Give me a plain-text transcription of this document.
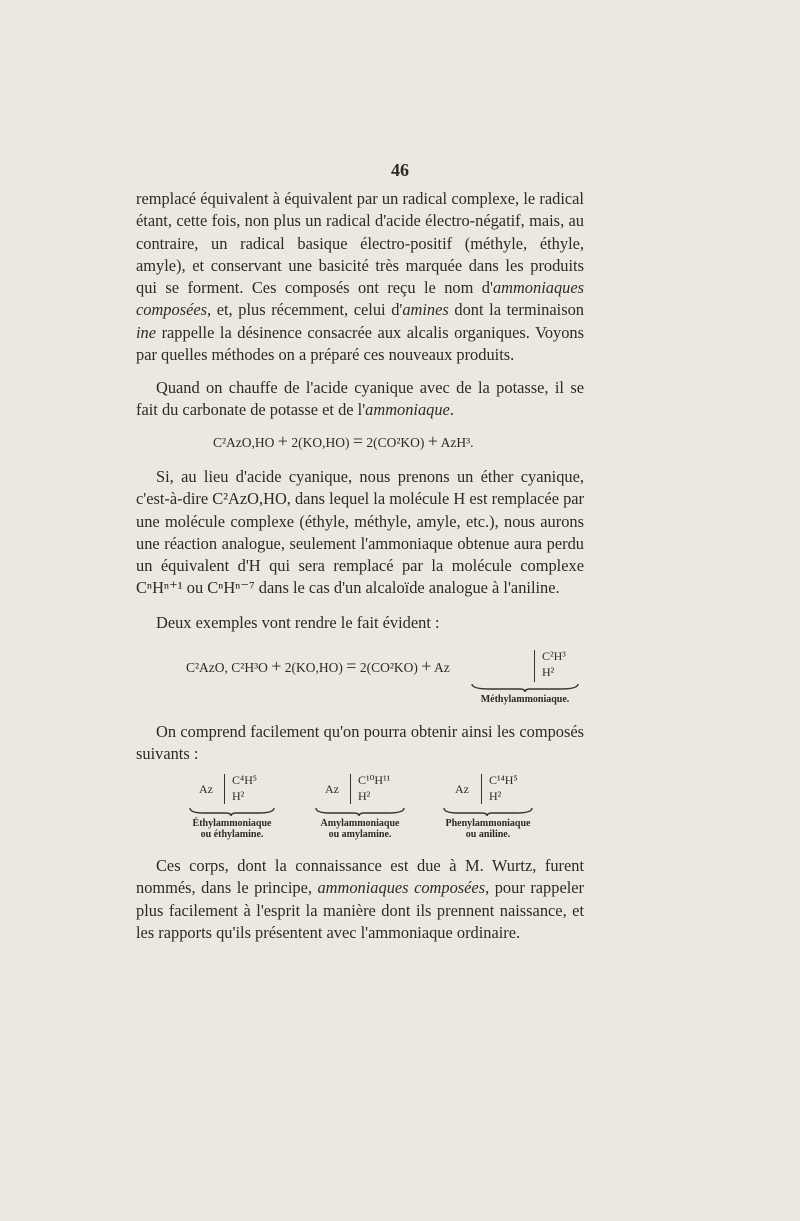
46
remplacé équivalent à équivalent par un radical complexe, le radical étant, cette fois, non plus un radical d'acide électro-négatif, mais, au contraire, un radical basique électro-positif (méthyle, éthyle, amyle), et conservant une basicité très marquée dans les produits qui se forment. Ces composés ont reçu le nom d'ammoniaques composées, et, plus récemment, celui d'amines dont la terminaison ine rappelle la désinence consacrée aux alcalis organiques. Voyons par quelles méthodes on a préparé ces nouveaux produits.
Quand on chauffe de l'acide cyanique avec de la potasse, il se fait du carbonate de potasse et de l'ammoniaque.
C²AzO,HO + 2(KO,HO) = 2(CO²KO) + AzH³.
Si, au lieu d'acide cyanique, nous prenons un éther cyanique, c'est-à-dire C²AzO,HO, dans lequel la molécule H est remplacée par une molécule complexe (éthyle, méthyle, amyle, etc.), nous aurons une réaction analogue, seulement l'ammoniaque obtenue aura perdu un équivalent d'H qui sera remplacé par la molécule complexe CⁿHⁿ⁺¹ ou CⁿHⁿ⁻⁷ dans le cas d'un alcaloïde analogue à l'aniline.
Deux exemples vont rendre le fait évident :
C²AzO, C²H³O + 2(KO,HO) = 2(CO²KO) + Az
C²H³
H²
Méthylammoniaque.
On comprend facilement qu'on pourra obtenir ainsi les composés suivants :
Az
C⁴H⁵
H²
Éthylammoniaque
ou éthylamine.
Az
C¹⁰H¹¹
H²
Amylammoniaque
ou amylamine.
Az
C¹⁴H⁵
H²
Phenylammoniaque
ou aniline.
Ces corps, dont la connaissance est due à M. Wurtz, furent nommés, dans le principe, ammoniaques composées, pour rappeler plus facilement à l'esprit la manière dont ils prennent naissance, et les rapports qu'ils présentent avec l'ammoniaque ordinaire.
